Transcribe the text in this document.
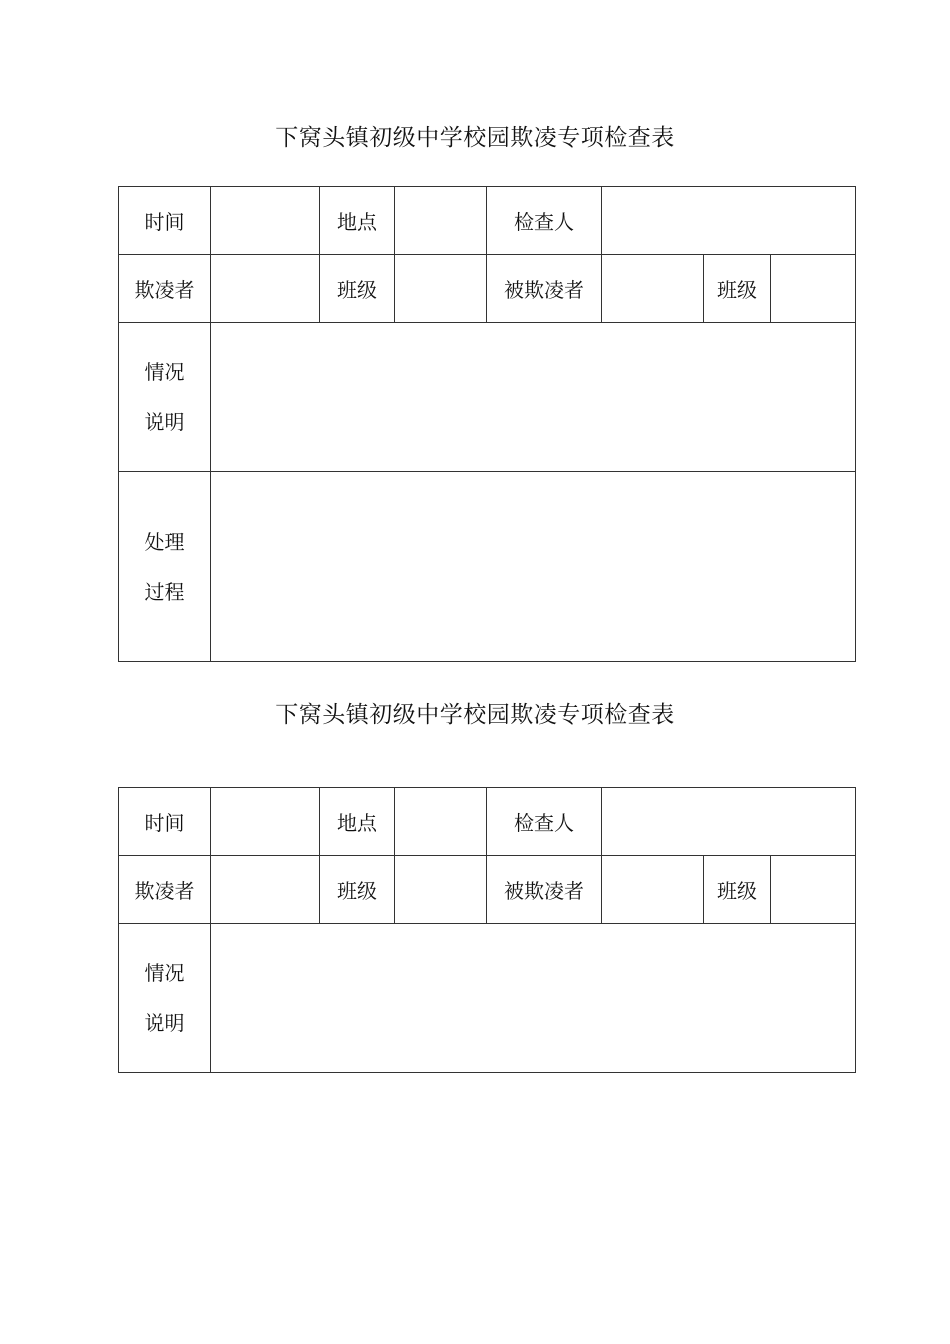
下窝头镇初级中学校园欺凌专项检查表
时间		地点		检查人			
欺凌者		班级		被欺凌者		班级	

情况
说明							

处理
过程							

下窝头镇初级中学校园欺凌专项检查表
时间		地点		检查人			
欺凌者		班级		被欺凌者		班级	

情况
说明							
